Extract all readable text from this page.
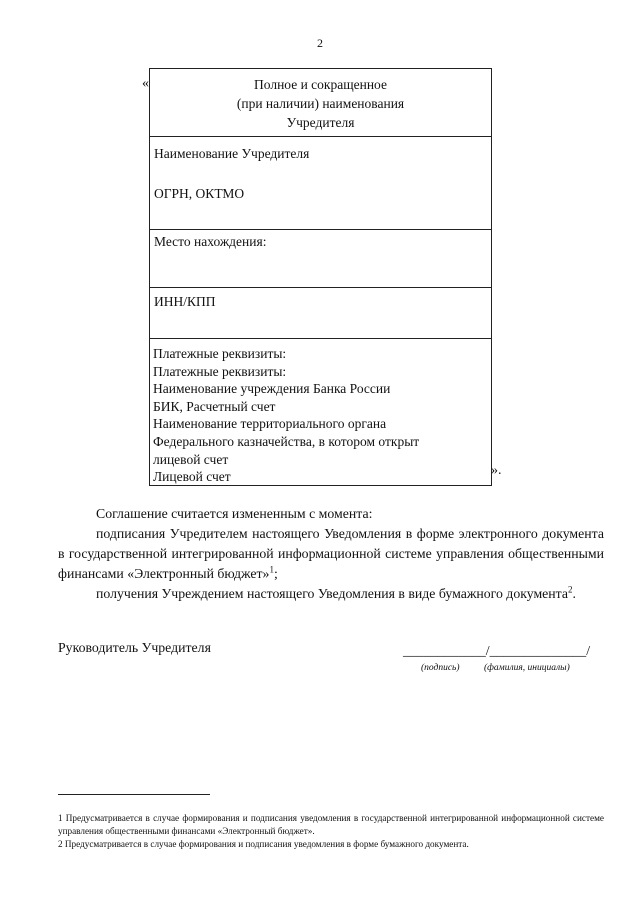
2
«	Полное и сокращенное
(при наличии) наименования
Учредителя
Наименование Учредителя
ОГРН, ОКТМО
Место нахождения:
ИНН/КПП
Платежные реквизиты:
Платежные реквизиты:
Наименование учреждения Банка России
БИК, Расчетный счет
Наименование территориального органа
Федерального казначейства, в котором открыт
лицевой счет
Лицевой счет	».
Соглашение считается измененным с момента:
подписания Учредителем настоящего Уведомления в форме электронного документа в государственной интегрированной информационной системе управления общественными финансами «Электронный бюджет»$^1$;
получения Учреждением настоящего Уведомления в виде бумажного документа$^2$.
Руководитель Учредителя	____________/______________/
(подпись)	(фамилия, инициалы)
1 Предусматривается в случае формирования и подписания уведомления в государственной интегрированной информационной системе управления общественными финансами «Электронный бюджет».
2 Предусматривается в случае формирования и подписания уведомления в форме бумажного документа.
